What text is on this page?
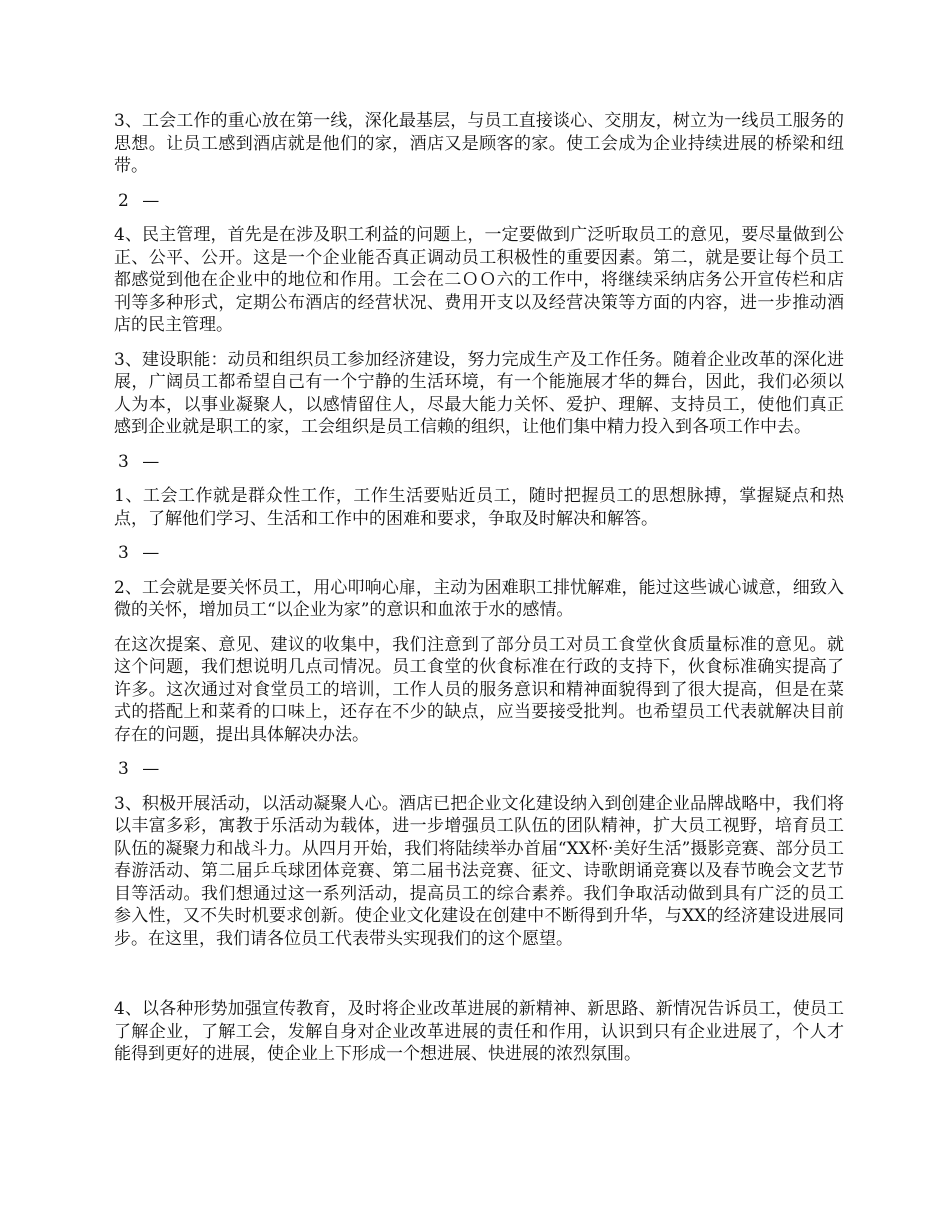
3、工会工作的重心放在第一线，深化最基层，与员工直接谈心、交朋友，树立为一线员工服务的思想。让员工感到酒店就是他们的家，酒店又是顾客的家。使工会成为企业持续进展的桥梁和纽带。

2 —

4、民主管理，首先是在涉及职工利益的问题上，一定要做到广泛听取员工的意见，要尽量做到公正、公平、公开。这是一个企业能否真正调动员工积极性的重要因素。第二，就是要让每个员工都感觉到他在企业中的地位和作用。工会在二ＯＯ六的工作中，将继续采纳店务公开宣传栏和店刊等多种形式，定期公布酒店的经营状况、费用开支以及经营决策等方面的内容，进一步推动酒店的民主管理。

3、建设职能：动员和组织员工参加经济建设，努力完成生产及工作任务。随着企业改革的深化进展，广阔员工都希望自己有一个宁静的生活环境，有一个能施展才华的舞台，因此，我们必须以人为本，以事业凝聚人，以感情留住人，尽最大能力关怀、爱护、理解、支持员工，使他们真正感到企业就是职工的家，工会组织是员工信赖的组织，让他们集中精力投入到各项工作中去。

3 —

1、工会工作就是群众性工作，工作生活要贴近员工，随时把握员工的思想脉搏，掌握疑点和热点，了解他们学习、生活和工作中的困难和要求，争取及时解决和解答。

3 —

2、工会就是要关怀员工，用心叩响心扉，主动为困难职工排忧解难，能过这些诚心诚意，细致入微的关怀，增加员工“以企业为家”的意识和血浓于水的感情。

在这次提案、意见、建议的收集中，我们注意到了部分员工对员工食堂伙食质量标准的意见。就这个问题，我们想说明几点司情况。员工食堂的伙食标准在行政的支持下，伙食标准确实提高了许多。这次通过对食堂员工的培训，工作人员的服务意识和精神面貌得到了很大提高，但是在菜式的搭配上和菜肴的口味上，还存在不少的缺点，应当要接受批判。也希望员工代表就解决目前存在的问题，提出具体解决办法。

3 —

3、积极开展活动，以活动凝聚人心。酒店已把企业文化建设纳入到创建企业品牌战略中，我们将以丰富多彩，寓教于乐活动为载体，进一步增强员工队伍的团队精神，扩大员工视野，培育员工队伍的凝聚力和战斗力。从四月开始，我们将陆续举办首届“XX杯·美好生活”摄影竞赛、部分员工春游活动、第二届乒乓球团体竞赛、第二届书法竞赛、征文、诗歌朗诵竞赛以及春节晚会文艺节目等活动。我们想通过这一系列活动，提高员工的综合素养。我们争取活动做到具有广泛的员工参入性，又不失时机要求创新。使企业文化建设在创建中不断得到升华，与XX的经济建设进展同步。在这里，我们请各位员工代表带头实现我们的这个愿望。

4、以各种形势加强宣传教育，及时将企业改革进展的新精神、新思路、新情况告诉员工，使员工了解企业，了解工会，发解自身对企业改革进展的责任和作用，认识到只有企业进展了，个人才能得到更好的进展，使企业上下形成一个想进展、快进展的浓烈氛围。
